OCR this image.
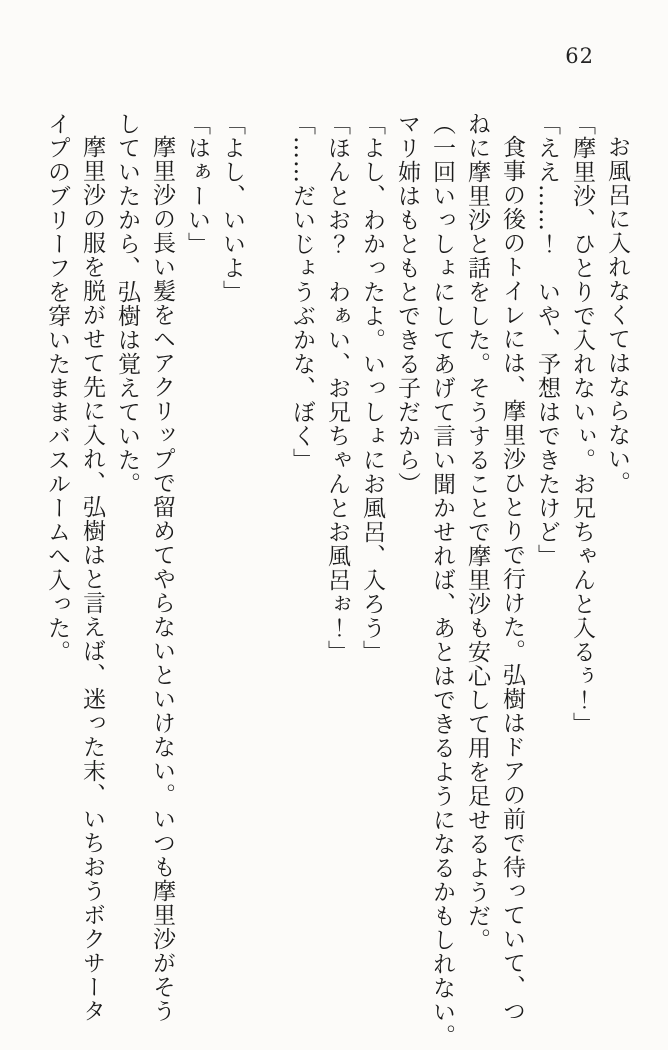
62

お風呂に入れなくてはならない。

「摩里沙、ひとりで入れないぃ。お兄ちゃんと入るぅ！」

「ええ……！　いや、予想はできたけど」

食事の後のトイレには、摩里沙ひとりで行けた。弘樹はドアの前で待っていて、つ

ねに摩里沙と話をした。そうすることで摩里沙も安心して用を足せるようだ。

（一回いっしょにしてあげて言い聞かせれば、あとはできるようになるかもしれない。

マリ姉はもともとできる子だから）

「よし、わかったよ。いっしょにお風呂、入ろう」

「ほんとお？　わぁい、お兄ちゃんとお風呂ぉ！」

「……だいじょうぶかな、ぼく」

「よし、いいよ」

「はぁーい」

摩里沙の長い髪をヘアクリップで留めてやらないといけない。いつも摩里沙がそう

していたから、弘樹は覚えていた。

摩里沙の服を脱がせて先に入れ、弘樹はと言えば、迷った末、いちおうボクサータ

イプのブリーフを穿いたままバスルームへ入った。
